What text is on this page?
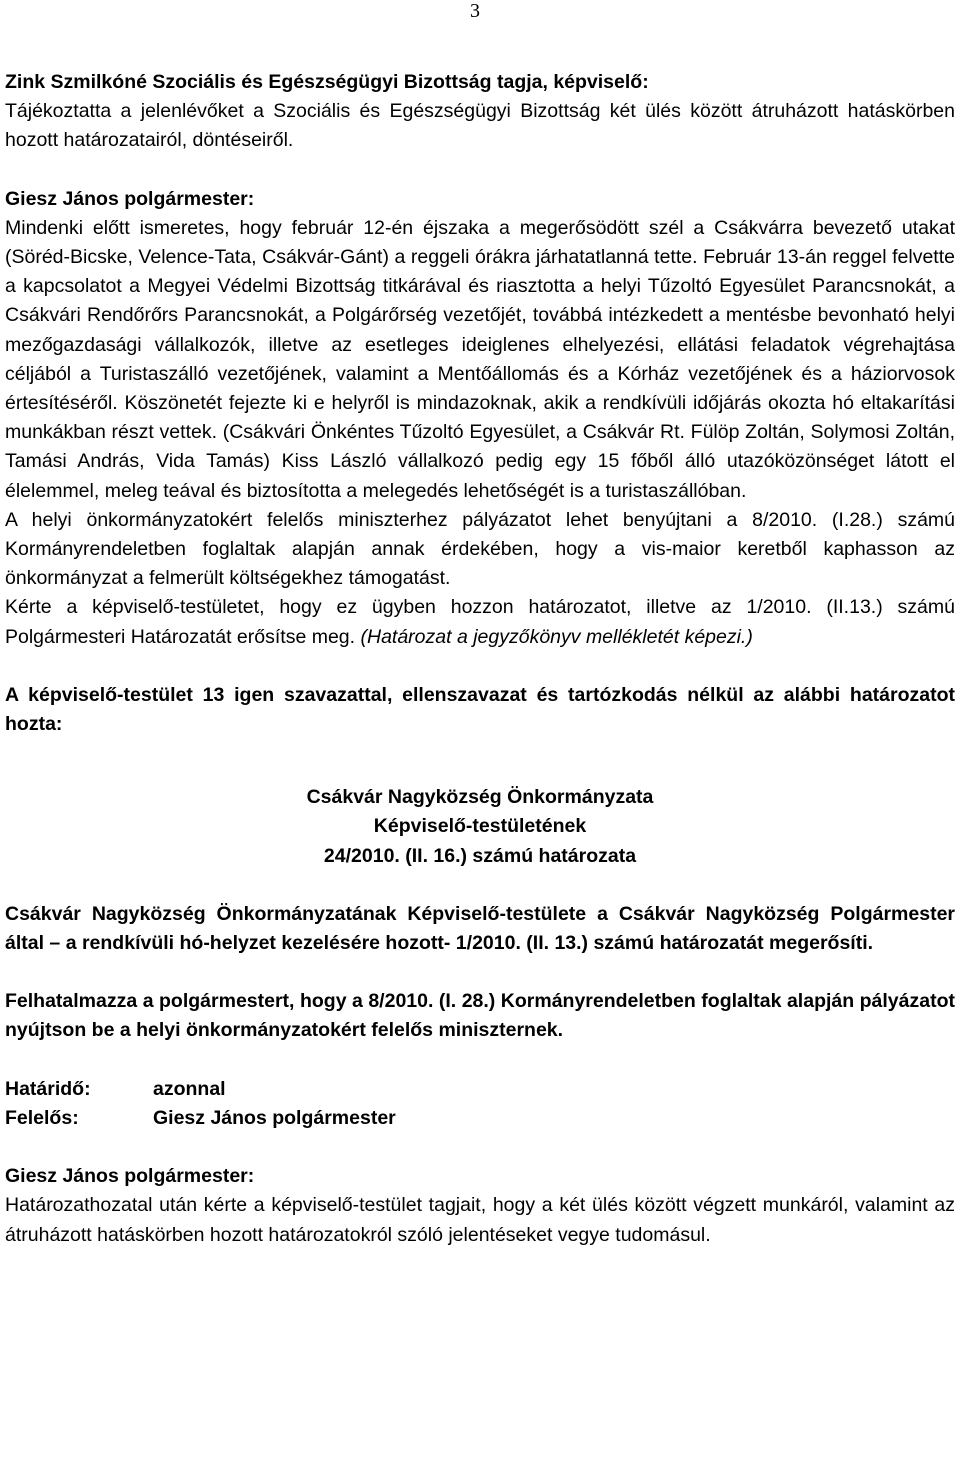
3

Zink Szmilkóné Szociális és Egészségügyi Bizottság tagja, képviselő:

Tájékoztatta a jelenlévőket a Szociális és Egészségügyi Bizottság két ülés között átruházott hatáskörben hozott határozatairól, döntéseiről.

Giesz János polgármester:

Mindenki előtt ismeretes, hogy február 12-én éjszaka a megerősödött szél a Csákvárra bevezető utakat (Söréd-Bicske, Velence-Tata, Csákvár-Gánt) a reggeli órákra járhatatlanná tette. Február 13-án reggel felvette a kapcsolatot a Megyei Védelmi Bizottság titkárával és riasztotta a helyi Tűzoltó Egyesület Parancsnokát, a Csákvári Rendőrőrs Parancsnokát, a Polgárőrség vezetőjét, továbbá intézkedett a mentésbe bevonható helyi mezőgazdasági vállalkozók, illetve az esetleges ideiglenes elhelyezési, ellátási feladatok végrehajtása céljából a Turistaszálló vezetőjének, valamint a Mentőállomás és a Kórház vezetőjének és a háziorvosok értesítéséről. Köszönetét fejezte ki e helyről is mindazoknak, akik a rendkívüli időjárás okozta hó eltakarítási munkákban részt vettek. (Csákvári Önkéntes Tűzoltó Egyesület, a Csákvár Rt. Fülöp Zoltán, Solymosi Zoltán, Tamási András, Vida Tamás) Kiss László vállalkozó pedig egy 15 főből álló utazóközönséget látott el élelemmel, meleg teával és biztosította a melegedés lehetőségét is a turistaszállóban.

A helyi önkormányzatokért felelős miniszterhez pályázatot lehet benyújtani a 8/2010. (I.28.) számú Kormányrendeletben foglaltak alapján annak érdekében, hogy a vis-maior keretből kaphasson az önkormányzat a felmerült költségekhez támogatást.

Kérte a képviselő-testületet, hogy ez ügyben hozzon határozatot, illetve az 1/2010. (II.13.) számú Polgármesteri Határozatát erősítse meg. (Határozat a jegyzőkönyv mellékletét képezi.)

A képviselő-testület 13 igen szavazattal, ellenszavazat és tartózkodás nélkül az alábbi határozatot hozta:

Csákvár Nagyközség Önkormányzata

Képviselő-testületének

24/2010. (II. 16.) számú határozata

Csákvár Nagyközség Önkormányzatának Képviselő-testülete a Csákvár Nagyközség Polgármester által – a rendkívüli hó-helyzet kezelésére hozott- 1/2010. (II. 13.) számú határozatát megerősíti.

Felhatalmazza a polgármestert, hogy a 8/2010. (I. 28.) Kormányrendeletben foglaltak alapján pályázatot nyújtson be a helyi önkormányzatokért felelős miniszternek.

Határidő:	azonnal
Felelős:	Giesz János polgármester

Giesz János polgármester:

Határozathozatal után kérte a képviselő-testület tagjait, hogy a két ülés között végzett munkáról, valamint az átruházott hatáskörben hozott határozatokról szóló jelentéseket vegye tudomásul.
